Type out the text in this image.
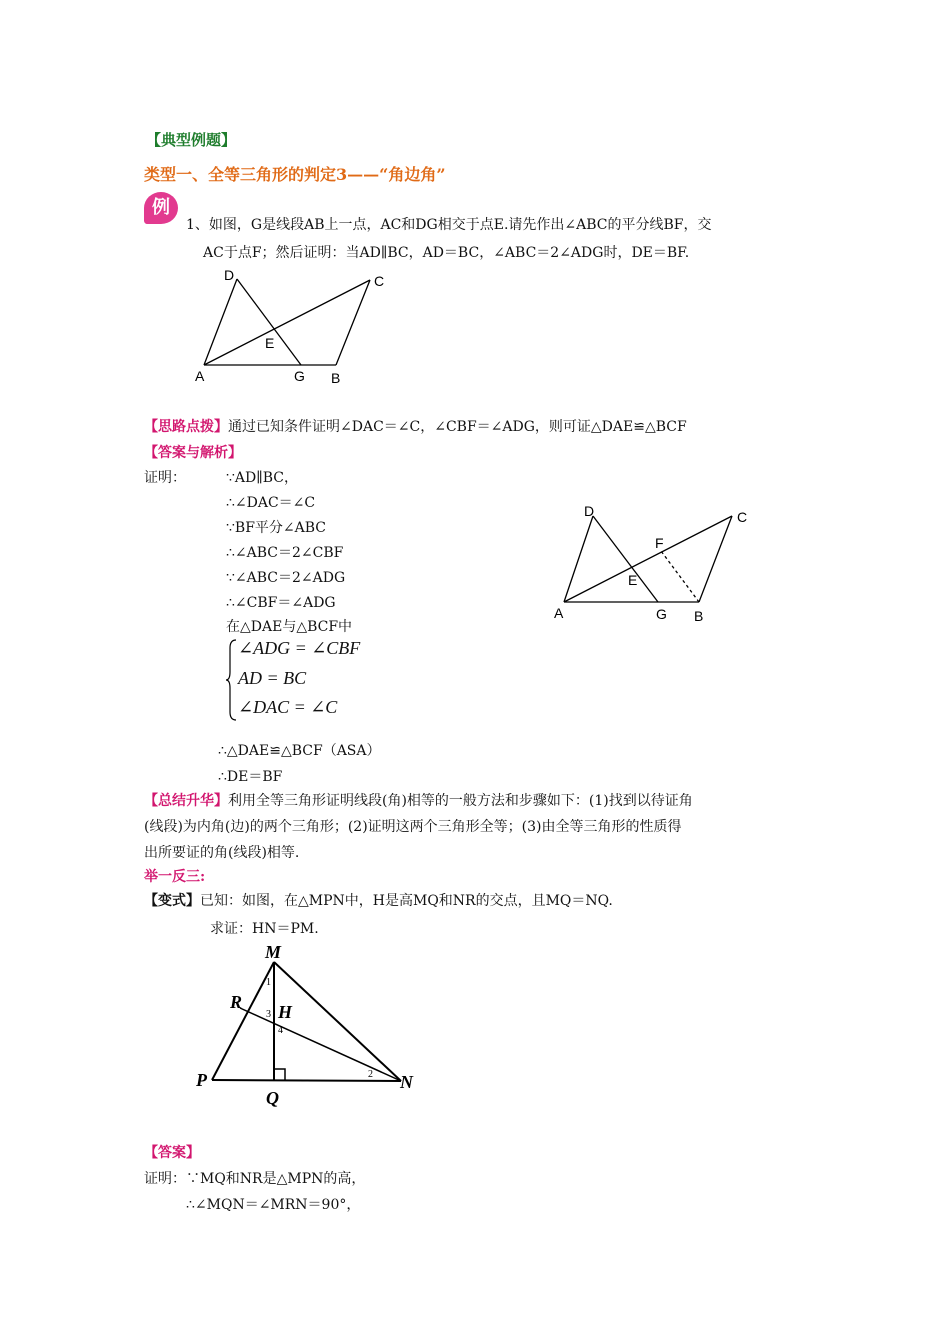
【典型例题】
类型一、全等三角形的判定3——“角边角”
例
1、如图，G是线段AB上一点，AC和DG相交于点E.请先作出∠ABC的平分线BF，交
AC于点F；然后证明：当AD∥BC，AD＝BC，∠ABC＝2∠ADG时，DE＝BF.
D	C
E
A	G B
【思路点拨】通过已知条件证明∠DAC＝∠C，∠CBF＝∠ADG，则可证△DAE≌△BCF
【答案与解析】
证明：	∵AD∥BC，
∴∠DAC＝∠C
∵BF平分∠ABC
∴∠ABC＝2∠CBF
∵∠ABC＝2∠ADG
∴∠CBF＝∠ADG
在△DAE与△BCF中
∠ADG = ∠CBF
AD = BC
∠DAC = ∠C
∴△DAE≌△BCF（ASA）
∴DE＝BF
D	C
F
E
A	G B
【总结升华】利用全等三角形证明线段(角)相等的一般方法和步骤如下：(1)找到以待证角
(线段)为内角(边)的两个三角形；(2)证明这两个三角形全等；(3)由全等三角形的性质得
出所要证的角(线段)相等.
举一反三:
【变式】已知：如图，在△MPN中，H是高MQ和NR的交点，且MQ＝NQ.
求证：HN＝PM.
M
R H
P
Q
N
1
3
4
2
【答案】
证明：∵MQ和NR是△MPN的高，
∴∠MQN＝∠MRN＝90°，
